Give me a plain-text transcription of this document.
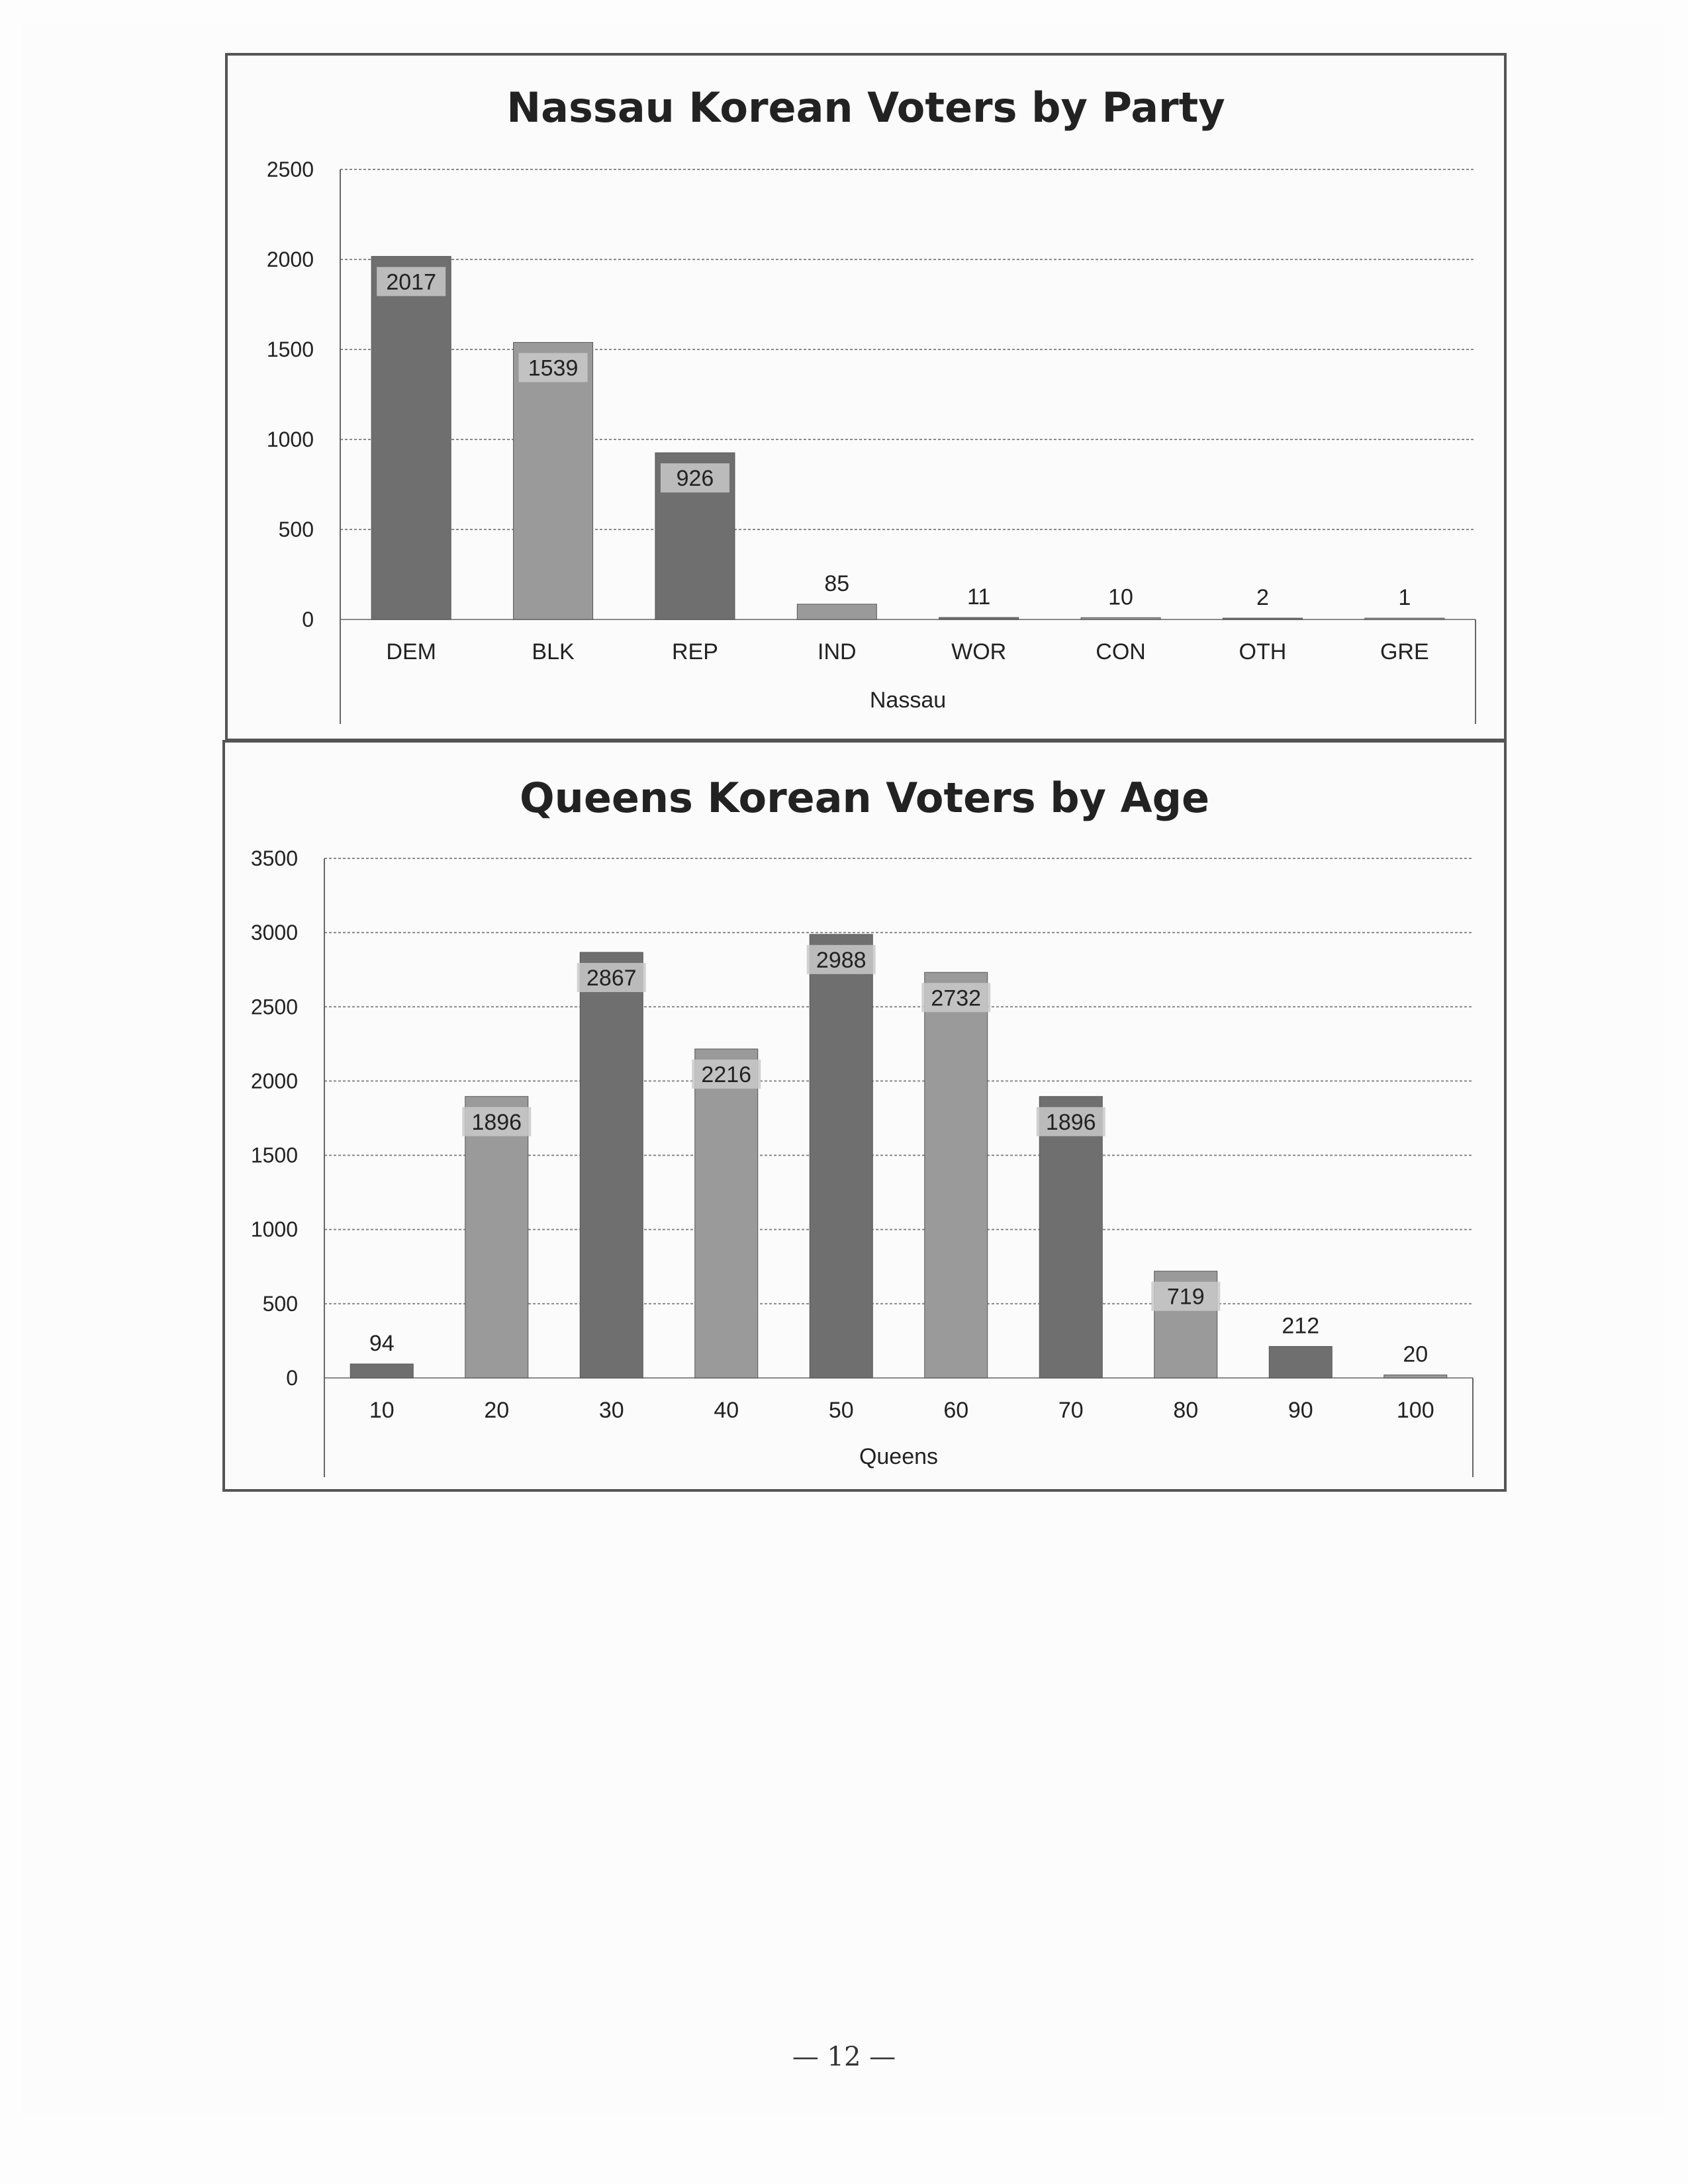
Nassau Korean Voters by Party
0
500
1000
1500
2000
2500
2017
DEM
1539
BLK
926
REP
85
IND
11
WOR
10
CON
2
OTH
1
GRE
Nassau
Queens Korean Voters by Age
0
500
1000
1500
2000
2500
3000
3500
94
10
1896
20
2867
30
2216
40
2988
50
2732
60
1896
70
719
80
212
90
20
100
Queens
— 12 —
